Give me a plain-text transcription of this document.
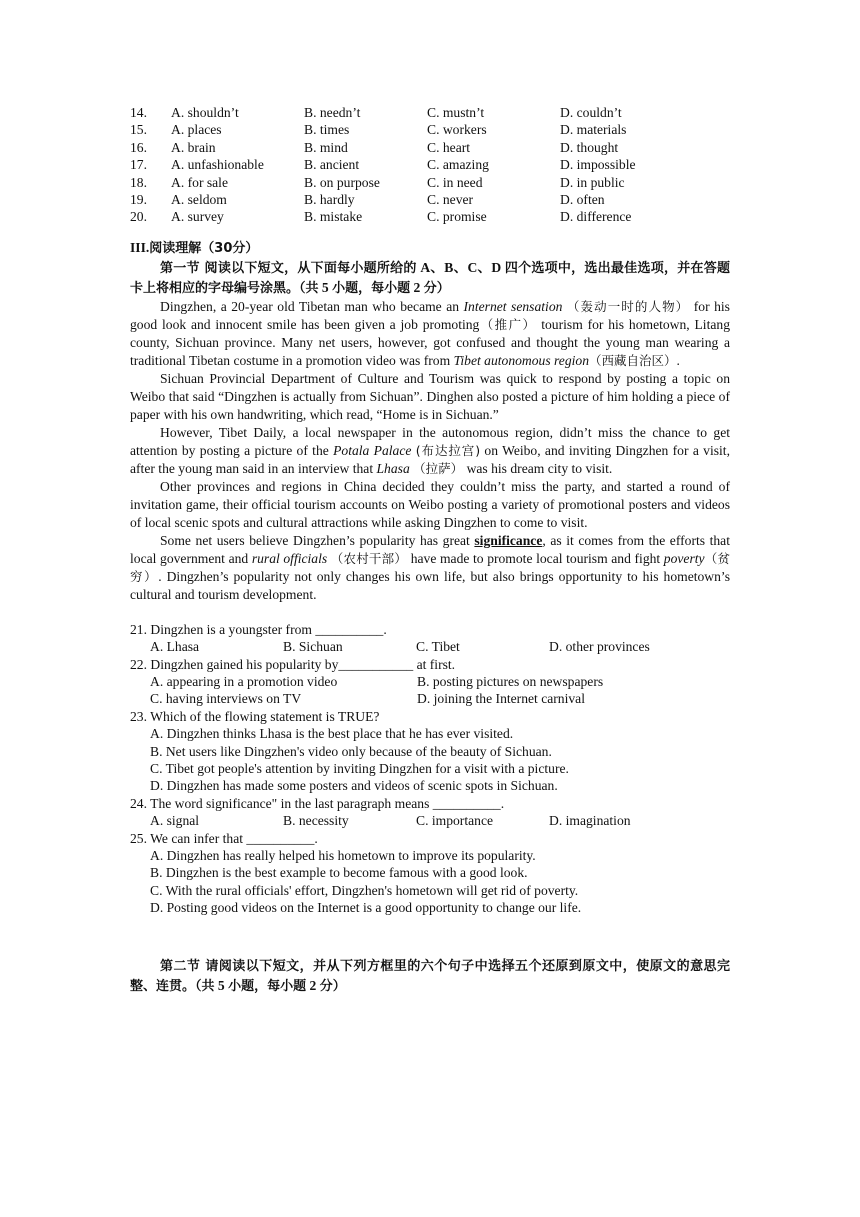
14.	A. shouldn’t	B. needn’t	C. mustn’t	D. couldn’t
15.	A. places	B. times	C. workers	D. materials
16.	A. brain	B. mind	C. heart	D. thought
17.	A. unfashionable	B. ancient	C. amazing	D. impossible
18.	A. for sale	B. on purpose	C. in need	D. in public
19.	A. seldom	B. hardly	C. never	D. often
20.	A. survey	B. mistake	C. promise	D. difference
III.阅读理解（30分）
第一节 阅读以下短文，从下面每小题所给的 A、B、C、D 四个选项中，选出最佳选项，并在答题卡上将相应的字母编号涂黑。（共 5 小题，每小题 2 分）

Dingzhen, a 20-year old Tibetan man who became an Internet sensation （轰动一时的人物） for his good look and innocent smile has been given a job promoting（推广） tourism for his hometown, Litang county, Sichuan province. Many net users, however, got confused and thought the young man wearing a traditional Tibetan costume in a promotion video was from Tibet autonomous region（西藏自治区）.

Sichuan Provincial Department of Culture and Tourism was quick to respond by posting a topic on Weibo that said “Dingzhen is actually from Sichuan”. Dinghen also posted a picture of him holding a piece of paper with his own handwriting, which read, “Home is in Sichuan.”

However, Tibet Daily, a local newspaper in the autonomous region, didn’t miss the chance to get attention by posting a picture of the Potala Palace (布达拉宫) on Weibo, and inviting Dingzhen for a visit, after the young man said in an interview that Lhasa （拉萨） was his dream city to visit.

Other provinces and regions in China decided they couldn’t miss the party, and started a round of invitation game, their official tourism accounts on Weibo posting a variety of promotional posters and videos of local scenic spots and cultural attractions while asking Dingzhen to come to visit.

Some net users believe Dingzhen’s popularity has great significance, as it comes from the efforts that local government and rural officials （农村干部） have made to promote local tourism and fight poverty（贫穷）. Dingzhen’s popularity not only changes his own life, but also brings opportunity to his hometown’s cultural and tourism development.

21. Dingzhen is a youngster from __________.
A. Lhasa	B. Sichuan	C. Tibet	D. other provinces
22. Dingzhen gained his popularity by___________ at first.
A. appearing in a promotion video	B. posting pictures on newspapers
C. having interviews on TV	D. joining the Internet carnival
23. Which of the flowing statement is TRUE?
A. Dingzhen thinks Lhasa is the best place that he has ever visited.
B. Net users like Dingzhen's video only because of the beauty of Sichuan.
C. Tibet got people's attention by inviting Dingzhen for a visit with a picture.
D. Dingzhen has made some posters and videos of scenic spots in Sichuan.
24. The word significance" in the last paragraph means __________.
A. signal	B. necessity	C. importance	D. imagination
25. We can infer that __________.
A. Dingzhen has really helped his hometown to improve its popularity.
B. Dingzhen is the best example to become famous with a good look.
C. With the rural officials' effort, Dingzhen's hometown will get rid of poverty.
D. Posting good videos on the Internet is a good opportunity to change our life.
第二节 请阅读以下短文，并从下列方框里的六个句子中选择五个还原到原文中，使原文的意思完整、连贯。（共 5 小题，每小题 2 分）
